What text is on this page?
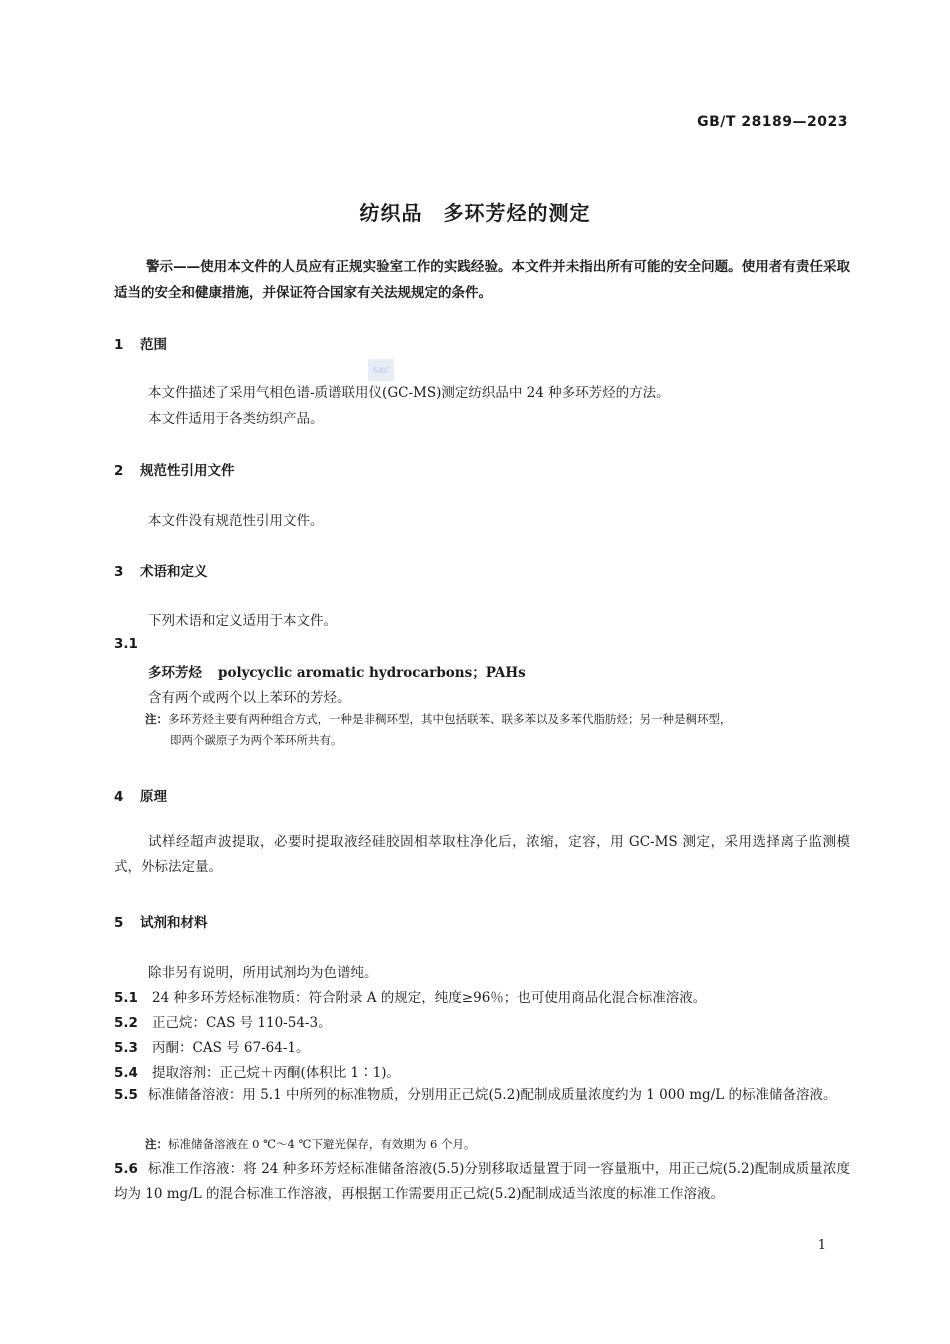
GB/T 28189—2023
纺织品　多环芳烃的测定
警示——使用本文件的人员应有正规实验室工作的实践经验。本文件并未指出所有可能的安全问题。使用者有责任采取适当的安全和健康措施，并保证符合国家有关法规规定的条件。
1 范围
SAC
本文件描述了采用气相色谱-质谱联用仪(GC-MS)测定纺织品中 24 种多环芳烃的方法。
本文件适用于各类纺织产品。
2 规范性引用文件
本文件没有规范性引用文件。
3 术语和定义
下列术语和定义适用于本文件。
3.1
多环芳烃 polycyclic aromatic hydrocarbons；PAHs
含有两个或两个以上苯环的芳烃。
注：多环芳烃主要有两种组合方式，一种是非稠环型，其中包括联苯、联多苯以及多苯代脂肪烃；另一种是稠环型，
即两个碳原子为两个苯环所共有。
4 原理
试样经超声波提取，必要时提取液经硅胶固相萃取柱净化后，浓缩，定容，用 GC-MS 测定，采用选择离子监测模式，外标法定量。
5 试剂和材料
除非另有说明，所用试剂均为色谱纯。
5.1 24 种多环芳烃标准物质：符合附录 A 的规定，纯度≥96％；也可使用商品化混合标准溶液。
5.2 正己烷：CAS 号 110-54-3。
5.3 丙酮：CAS 号 67-64-1。
5.4 提取溶剂：正己烷＋丙酮(体积比 1∶1)。
5.5 标准储备溶液：用 5.1 中所列的标准物质，分别用正己烷(5.2)配制成质量浓度约为 1 000 mg/L 的标准储备溶液。
注：标准储备溶液在 0 ℃～4 ℃下避光保存，有效期为 6 个月。
5.6 标准工作溶液：将 24 种多环芳烃标准储备溶液(5.5)分别移取适量置于同一容量瓶中，用正己烷(5.2)配制成质量浓度均为 10 mg/L 的混合标准工作溶液，再根据工作需要用正己烷(5.2)配制成适当浓度的标准工作溶液。
1
